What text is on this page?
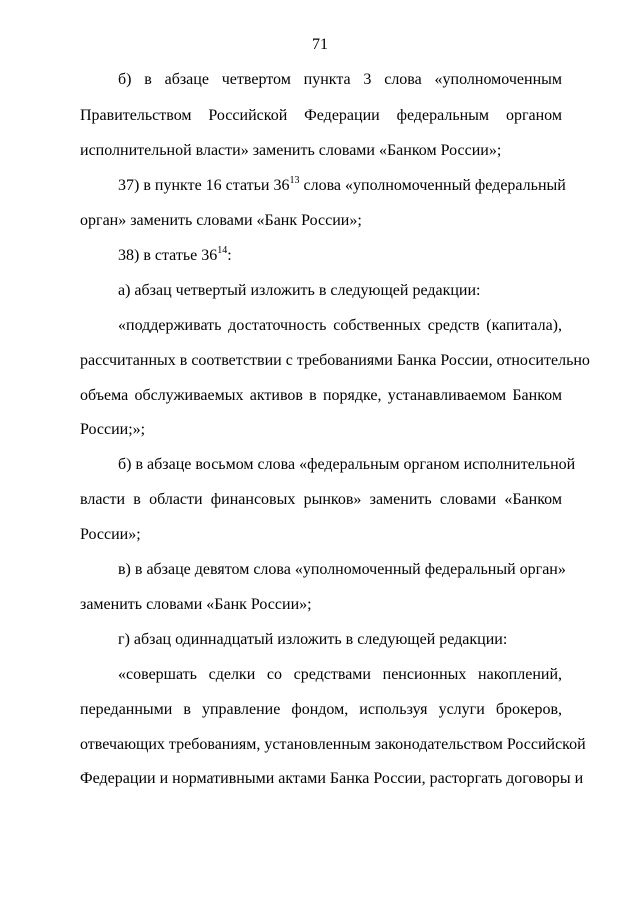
71
б) в абзаце четвертом пункта 3 слова «уполномоченным
Правительством Российской Федерации федеральным органом
исполнительной власти» заменить словами «Банком России»;
37) в пункте 16 статьи $36^{13}$ слова «уполномоченный федеральный
орган» заменить словами «Банк России»;
38) в статье $36^{14}$:
а) абзац четвертый изложить в следующей редакции:
«поддерживать достаточность собственных средств (капитала),
рассчитанных в соответствии с требованиями Банка России, относительно
объема обслуживаемых активов в порядке, устанавливаемом Банком
России;»;
б) в абзаце восьмом слова «федеральным органом исполнительной
власти в области финансовых рынков» заменить словами «Банком
России»;
в) в абзаце девятом слова «уполномоченный федеральный орган»
заменить словами «Банк России»;
г) абзац одиннадцатый изложить в следующей редакции:
«совершать сделки со средствами пенсионных накоплений,
переданными в управление фондом, используя услуги брокеров,
отвечающих требованиям, установленным законодательством Российской
Федерации и нормативными актами Банка России, расторгать договоры и
